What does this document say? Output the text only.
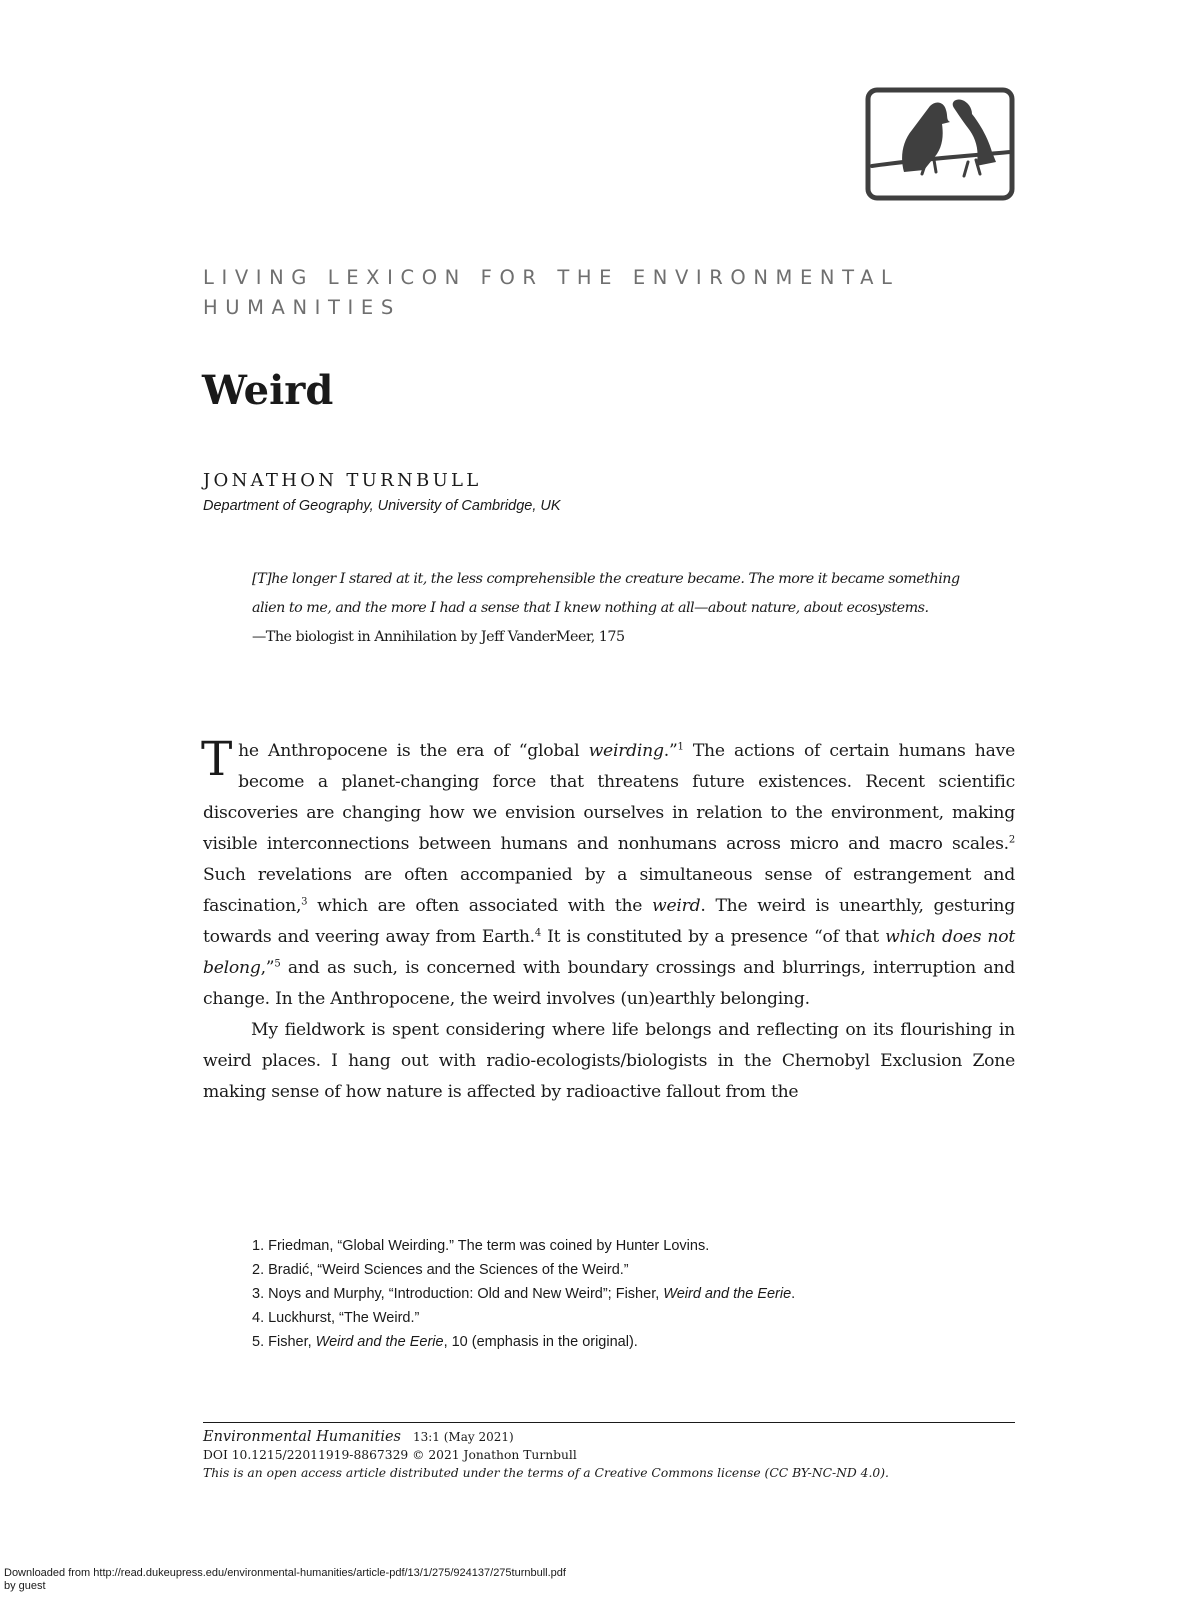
LIVING LEXICON FOR THE ENVIRONMENTAL
HUMANITIES
Weird
JONATHON TURNBULL
Department of Geography, University of Cambridge, UK

[T]he longer I stared at it, the less comprehensible the creature became. The more it became something alien to me, and the more I had a sense that I knew nothing at all—about nature, about ecosystems.

—The biologist in Annihilation by Jeff VanderMeer, 175

The Anthropocene is the era of “global weirding.”$^1$ The actions of certain humans have become a planet-changing force that threatens future existences. Recent scientific discoveries are changing how we envision ourselves in relation to the environment, making visible interconnections between humans and nonhumans across micro and macro scales.$^2$ Such revelations are often accompanied by a simultaneous sense of estrangement and fascination,$^3$ which are often associated with the weird. The weird is unearthly, gesturing towards and veering away from Earth.$^4$ It is constituted by a presence “of that which does not belong,”$^5$ and as such, is concerned with boundary crossings and blurrings, interruption and change. In the Anthropocene, the weird involves (un)earthly belonging.

My fieldwork is spent considering where life belongs and reflecting on its flourishing in weird places. I hang out with radio-ecologists/biologists in the Chernobyl Exclusion Zone making sense of how nature is affected by radioactive fallout from the

1. Friedman, “Global Weirding.” The term was coined by Hunter Lovins.
2. Bradić, “Weird Sciences and the Sciences of the Weird.”
3. Noys and Murphy, “Introduction: Old and New Weird”; Fisher, Weird and the Eerie.
4. Luckhurst, “The Weird.”
5. Fisher, Weird and the Eerie, 10 (emphasis in the original).
Environmental Humanities 13:1 (May 2021)
DOI 10.1215/22011919-8867329 © 2021 Jonathon Turnbull
This is an open access article distributed under the terms of a Creative Commons license (CC BY-NC-ND 4.0).
Downloaded from http://read.dukeupress.edu/environmental-humanities/article-pdf/13/1/275/924137/275turnbull.pdf
by guest
